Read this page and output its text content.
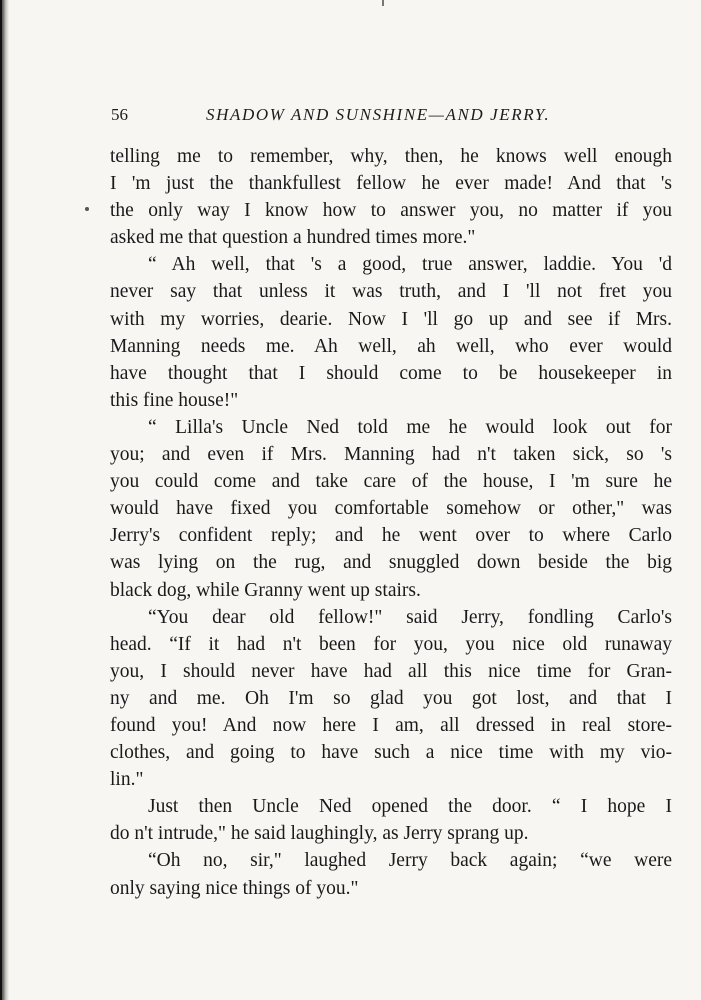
56	SHADOW AND SUNSHINE—AND JERRY.
telling me to remember, why, then, he knows well enough
I 'm just the thankfullest fellow he ever made! And that 's
the only way I know how to answer you, no matter if you
asked me that question a hundred times more."
“ Ah well, that 's a good, true answer, laddie. You 'd
never say that unless it was truth, and I 'll not fret you
with my worries, dearie. Now I 'll go up and see if Mrs.
Manning needs me. Ah well, ah well, who ever would
have thought that I should come to be housekeeper in
this fine house!"
“ Lilla's Uncle Ned told me he would look out for
you; and even if Mrs. Manning had n't taken sick, so 's
you could come and take care of the house, I 'm sure he
would have fixed you comfortable somehow or other," was
Jerry's confident reply; and he went over to where Carlo
was lying on the rug, and snuggled down beside the big
black dog, while Granny went up stairs.
“You dear old fellow!" said Jerry, fondling Carlo's
head. “If it had n't been for you, you nice old runaway
you, I should never have had all this nice time for Gran-
ny and me. Oh I'm so glad you got lost, and that I
found you! And now here I am, all dressed in real store-
clothes, and going to have such a nice time with my vio-
lin."
Just then Uncle Ned opened the door. “ I hope I
do n't intrude," he said laughingly, as Jerry sprang up.
“Oh no, sir," laughed Jerry back again; “we were
only saying nice things of you."
